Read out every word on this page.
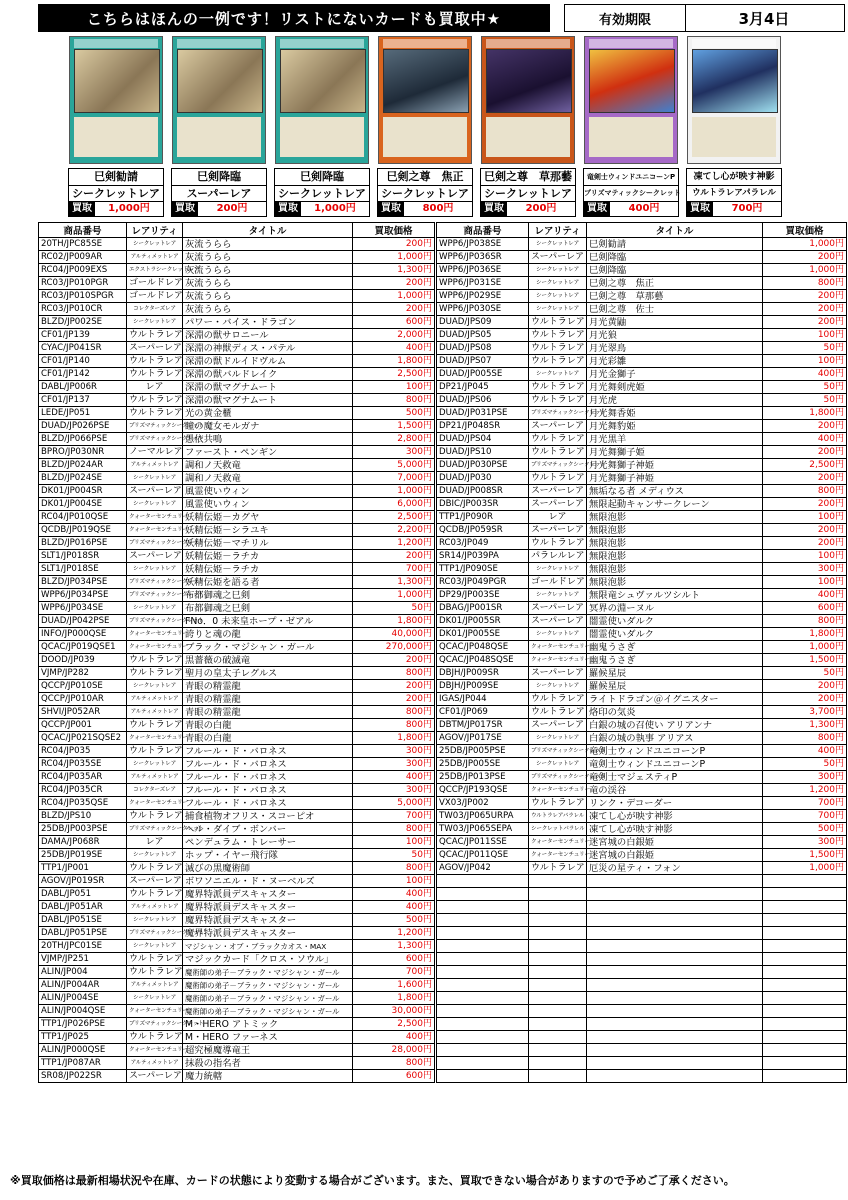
こちらはほんの一例です！リストにないカードも買取中★	有効期限	3月4日
巳剣勧請
シークレットレア
買取	1,000円
巳剣降臨
スーパーレア
買取	200円
巳剣降臨
シークレットレア
買取	1,000円
巳剣之尊　焦正
シークレットレア
買取	800円
巳剣之尊　草那藝
シークレットレア
買取	200円
竜剣士ウィンドユニコーンP
プリズマティックシークレット
買取	400円
凍てし心が映す神影
ウルトラレアパラレル
買取	700円
商品番号	レアリティ	タイトル	買取価格
20TH/JPC85SE	シークレットレア	灰流うらら	200円
RC02/JP009AR	アルティメットレア	灰流うらら	1,000円
RC04/JP009EXS	エクストラシークレットレア	灰流うらら	1,300円
RC03/JP010PGR	ゴールドレア	灰流うらら	200円
RC03/JP010SPGR	ゴールドレア	灰流うらら	1,000円
RC03/JP010CR	コレクターズレア	灰流うらら	200円
BLZD/JP002SE	シークレットレア	パワー・バイス・ドラゴン	600円
CF01/JP139	ウルトラレア	深淵の獣サロニール	2,000円
CYAC/JP041SR	スーパーレア	深淵の神獣ディス・パテル	400円
CF01/JP140	ウルトラレア	深淵の獣ドルイドヴルム	1,800円
CF01/JP142	ウルトラレア	深淵の獣バルドレイク	2,500円
DABL/JP006R	レア	深淵の獣マグナムート	100円
CF01/JP137	ウルトラレア	深淵の獣マグナムート	800円
LEDE/JP051	ウルトラレア	光の黄金櫃	500円
DUAD/JP026PSE	プリズマティックシークレット	瞳の魔女モルガナ	1,500円
BLZD/JP066PSE	プリズマティックシークレット	愚依共鳴	2,800円
BPRO/JP030NR	ノーマルレア	ファースト・ペンギン	300円
BLZD/JP024AR	アルティメットレア	調和ノ天救竜	5,000円
BLZD/JP024SE	シークレットレア	調和ノ天救竜	7,000円
DK01/JP004SR	スーパーレア	風霊使いウィン	1,000円
DK01/JP004SE	シークレットレア	風霊使いウィン	6,000円
RC04/JP010QSE	クォーターセンチュリー	妖精伝姫－カグヤ	2,500円
QCDB/JP019QSE	クォーターセンチュリー	妖精伝姫－シラユキ	2,200円
BLZD/JP016PSE	プリズマティックシークレット	妖精伝姫－マチリル	1,200円
SLT1/JP018SR	スーパーレア	妖精伝姫－ラチカ	200円
SLT1/JP018SE	シークレットレア	妖精伝姫－ラチカ	700円
BLZD/JP034PSE	プリズマティックシークレット	妖精伝姫を語る者	1,300円
WPP6/JP034PSE	プリズマティックシークレット	布都御魂之巳剣	1,000円
WPP6/JP034SE	シークレットレア	布都御魂之巳剣	50円
DUAD/JP042PSE	プリズマティックシークレット	FNo．0 未来皇ホープ・ゼアル	1,800円
INFO/JP000QSE	クォーターセンチュリー	誇りと魂の龍	40,000円
QCAC/JP019QSE1	クォーターセンチュリー	ブラック・マジシャン・ガール	270,000円
DOOD/JP039	ウルトラレア	黒薔薇の破滅竜	200円
VJMP/JP282	ウルトラレア	聖月の皇太子レグルス	800円
QCCP/JP010SE	シークレットレア	青眼の精霊龍	200円
QCCP/JP010AR	アルティメットレア	青眼の精霊龍	200円
SHVI/JP052AR	アルティメットレア	青眼の精霊龍	800円
QCCP/JP001	ウルトラレア	青眼の白龍	800円
QCAC/JP021SQSE2	クォーターセンチュリー	青眼の白龍	1,800円
RC04/JP035	ウルトラレア	フルール・ド・バロネス	300円
RC04/JP035SE	シークレットレア	フルール・ド・バロネス	300円
RC04/JP035AR	アルティメットレア	フルール・ド・バロネス	400円
RC04/JP035CR	コレクターズレア	フルール・ド・バロネス	300円
RC04/JP035QSE	クォーターセンチュリー	フルール・ド・バロネス	5,000円
BLZD/JPS10	ウルトラレア	捕食植物オフリス・スコーピオ	700円
25DB/JP003PSE	プリズマティックシークレット	ヘル・ダイブ・ボンバー	800円
DAMA/JP068R	レア	ペンデュラム・トレーサー	100円
25DB/JP019SE	シークレットレア	ホップ・イヤー飛行隊	50円
TTP1/JP001	ウルトラレア	滅びの黒魔術師	800円
AGOV/JP019SR	スーパーレア	ボワソニエル・ド・ヌーベルズ	100円
DABL/JP051	ウルトラレア	魔界特派員デスキャスター	400円
DABL/JP051AR	アルティメットレア	魔界特派員デスキャスター	400円
DABL/JP051SE	シークレットレア	魔界特派員デスキャスター	500円
DABL/JP051PSE	プリズマティックシークレット	魔界特派員デスキャスター	1,200円
20TH/JPC01SE	シークレットレア	マジシャン・オブ・ブラックカオス・MAX	1,300円
VJMP/JP251	ウルトラレア	マジックカード「クロス・ソウル」	600円
ALIN/JP004	ウルトラレア	魔術師の弟子－ブラック・マジシャン・ガール	700円
ALIN/JP004AR	アルティメットレア	魔術師の弟子－ブラック・マジシャン・ガール	1,600円
ALIN/JP004SE	シークレットレア	魔術師の弟子－ブラック・マジシャン・ガール	1,800円
ALIN/JP004QSE	クォーターセンチュリー	魔術師の弟子－ブラック・マジシャン・ガール	30,000円
TTP1/JP026PSE	プリズマティックシークレット	M・HERO アトミック	2,500円
TTP1/JP025	ウルトラレア	M・HERO ファーネス	400円
ALIN/JP000QSE	クォーターセンチュリー	超究極魔導竜王	28,000円
TTP1/JP087AR	アルティメットレア	抹殺の指名者	800円
SR08/JP022SR	スーパーレア	魔力統轄	600円
商品番号	レアリティ	タイトル	買取価格
WPP6/JP038SE	シークレットレア	巳剣勧請	1,000円
WPP6/JP036SR	スーパーレア	巳剣降臨	200円
WPP6/JP036SE	シークレットレア	巳剣降臨	1,000円
WPP6/JP031SE	シークレットレア	巳剣之尊　焦正	800円
WPP6/JP029SE	シークレットレア	巳剣之尊　草那藝	200円
WPP6/JP030SE	シークレットレア	巳剣之尊　佐士	200円
DUAD/JPS09	ウルトラレア	月光黄鼬	200円
DUAD/JPS05	ウルトラレア	月光狼	100円
DUAD/JPS08	ウルトラレア	月光翠鳥	50円
DUAD/JPS07	ウルトラレア	月光彩雛	100円
DUAD/JP005SE	シークレットレア	月光金獅子	400円
DP21/JP045	ウルトラレア	月光舞剣虎姫	50円
DUAD/JPS06	ウルトラレア	月光虎	50円
DUAD/JP031PSE	プリズマティックシークレット	月光舞香姫	1,800円
DP21/JP048SR	スーパーレア	月光舞豹姫	200円
DUAD/JPS04	ウルトラレア	月光黒羊	400円
DUAD/JPS10	ウルトラレア	月光舞獅子姫	200円
DUAD/JP030PSE	プリズマティックシークレット	月光舞獅子神姫	2,500円
DUAD/JP030	ウルトラレア	月光舞獅子神姫	200円
DUAD/JP008SR	スーパーレア	無垢なる者 メディウス	800円
DBIC/JP003SR	スーパーレア	無限起動キャンサークレーン	200円
TTP1/JP090R	レア	無限泡影	100円
QCDB/JP059SR	スーパーレア	無限泡影	200円
RC03/JP049	ウルトラレア	無限泡影	200円
SR14/JP039PA	パラレルレア	無限泡影	100円
TTP1/JP090SE	シークレットレア	無限泡影	300円
RC03/JP049PGR	ゴールドレア	無限泡影	100円
DP29/JP003SE	シークレットレア	無限竜シュヴァルツシルト	400円
DBAG/JP001SR	スーパーレア	冥界の淵ーヌル	600円
DK01/JP005SR	スーパーレア	闇霊使いダルク	800円
DK01/JP005SE	シークレットレア	闇霊使いダルク	1,800円
QCAC/JP048QSE	クォーターセンチュリー	幽鬼うさぎ	1,000円
QCAC/JP048SQSE	クォーターセンチュリー	幽鬼うさぎ	1,500円
DBJH/JP009SR	スーパーレア	羅候星辰	50円
DBJH/JP009SE	シークレットレア	羅候星辰	200円
IGAS/JP044	ウルトラレア	ライトドラゴン＠イグニスター	200円
CF01/JP069	ウルトラレア	烙印の気炎	3,700円
DBTM/JP017SR	スーパーレア	白銀の城の召使い アリアンナ	1,300円
AGOV/JP017SE	シークレットレア	白銀の城の執事 アリアス	800円
25DB/JP005PSE	プリズマティックシークレット	竜剣士ウィンドユニコーンP	400円
25DB/JP005SE	シークレットレア	竜剣士ウィンドユニコーンP	50円
25DB/JP013PSE	プリズマティックシークレット	竜剣士マジェスティP	300円
QCCP/JP193QSE	クォーターセンチュリー	竜の渓谷	1,200円
VX03/JP002	ウルトラレア	リンク・デコーダー	700円
TW03/JP065URPA	ウルトラレアパラレル	凍てし心が映す神影	700円
TW03/JP065SEPA	シークレットパラレル	凍てし心が映す神影	500円
QCAC/JP011SSE	クォーターセンチュリー	迷宮城の白銀姫	300円
QCAC/JP011QSE	クォーターセンチュリー	迷宮城の白銀姫	1,500円
AGOV/JP042	ウルトラレア	厄災の星ティ・フォン	1,000円

※買取価格は最新相場状況や在庫、カードの状態により変動する場合がございます。また、買取できない場合がありますので予めご了承ください。
